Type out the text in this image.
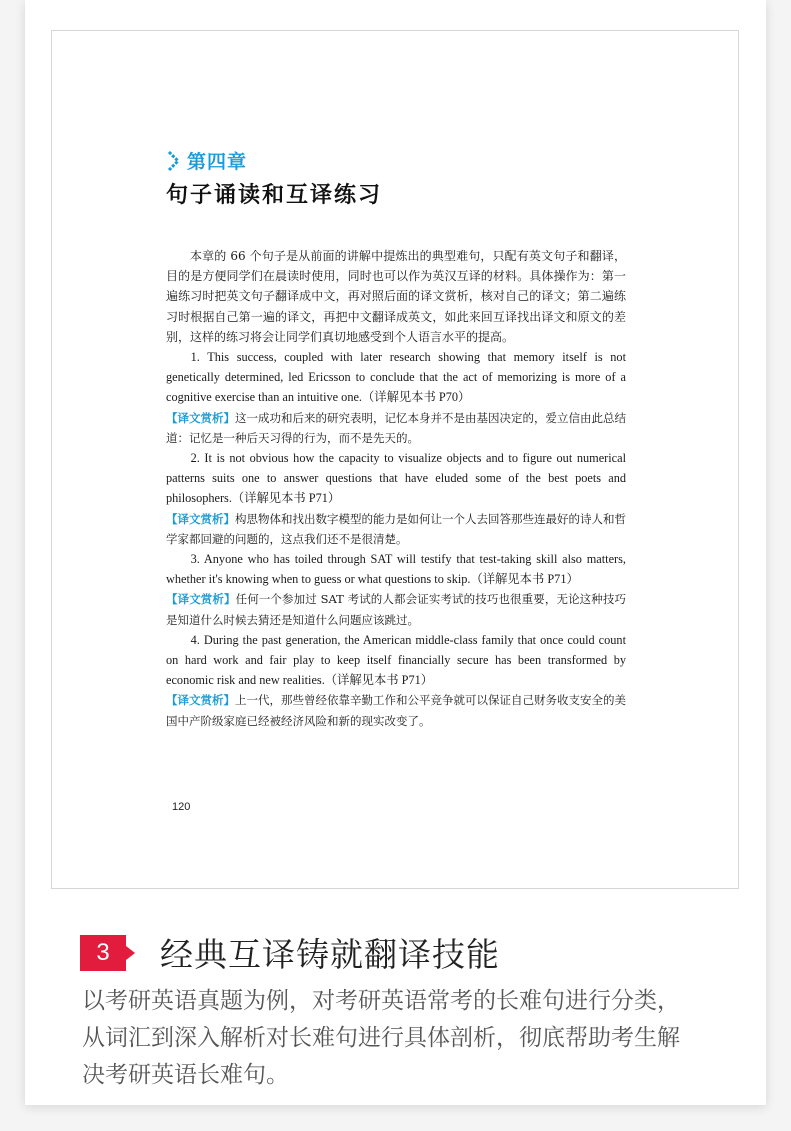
第四章
句子诵读和互译练习

本章的 66 个句子是从前面的讲解中提炼出的典型难句，只配有英文句子和翻译，目的是方便同学们在晨读时使用，同时也可以作为英汉互译的材料。具体操作为：第一遍练习时把英文句子翻译成中文，再对照后面的译文赏析，核对自己的译文；第二遍练习时根据自己第一遍的译文，再把中文翻译成英文，如此来回互译找出译文和原文的差别，这样的练习将会让同学们真切地感受到个人语言水平的提高。

1. This success, coupled with later research showing that memory itself is not genetically determined, led Ericsson to conclude that the act of memorizing is more of a cognitive exercise than an intuitive one.（详解见本书 P70）

【译文赏析】这一成功和后来的研究表明，记忆本身并不是由基因决定的，爱立信由此总结道：记忆是一种后天习得的行为，而不是先天的。

2. It is not obvious how the capacity to visualize objects and to figure out numerical patterns suits one to answer questions that have eluded some of the best poets and philosophers.（详解见本书 P71）

【译文赏析】构思物体和找出数字模型的能力是如何让一个人去回答那些连最好的诗人和哲学家都回避的问题的，这点我们还不是很清楚。

3. Anyone who has toiled through SAT will testify that test-taking skill also matters, whether it's knowing when to guess or what questions to skip.（详解见本书 P71）

【译文赏析】任何一个参加过 SAT 考试的人都会证实考试的技巧也很重要，无论这种技巧是知道什么时候去猜还是知道什么问题应该跳过。

4. During the past generation, the American middle-class family that once could count on hard work and fair play to keep itself financially secure has been transformed by economic risk and new realities.（详解见本书 P71）

【译文赏析】上一代，那些曾经依靠辛勤工作和公平竞争就可以保证自己财务收支安全的美国中产阶级家庭已经被经济风险和新的现实改变了。

120
3	经典互译铸就翻译技能
以考研英语真题为例，对考研英语常考的长难句进行分类，从词汇到深入解析对长难句进行具体剖析，彻底帮助考生解决考研英语长难句。
